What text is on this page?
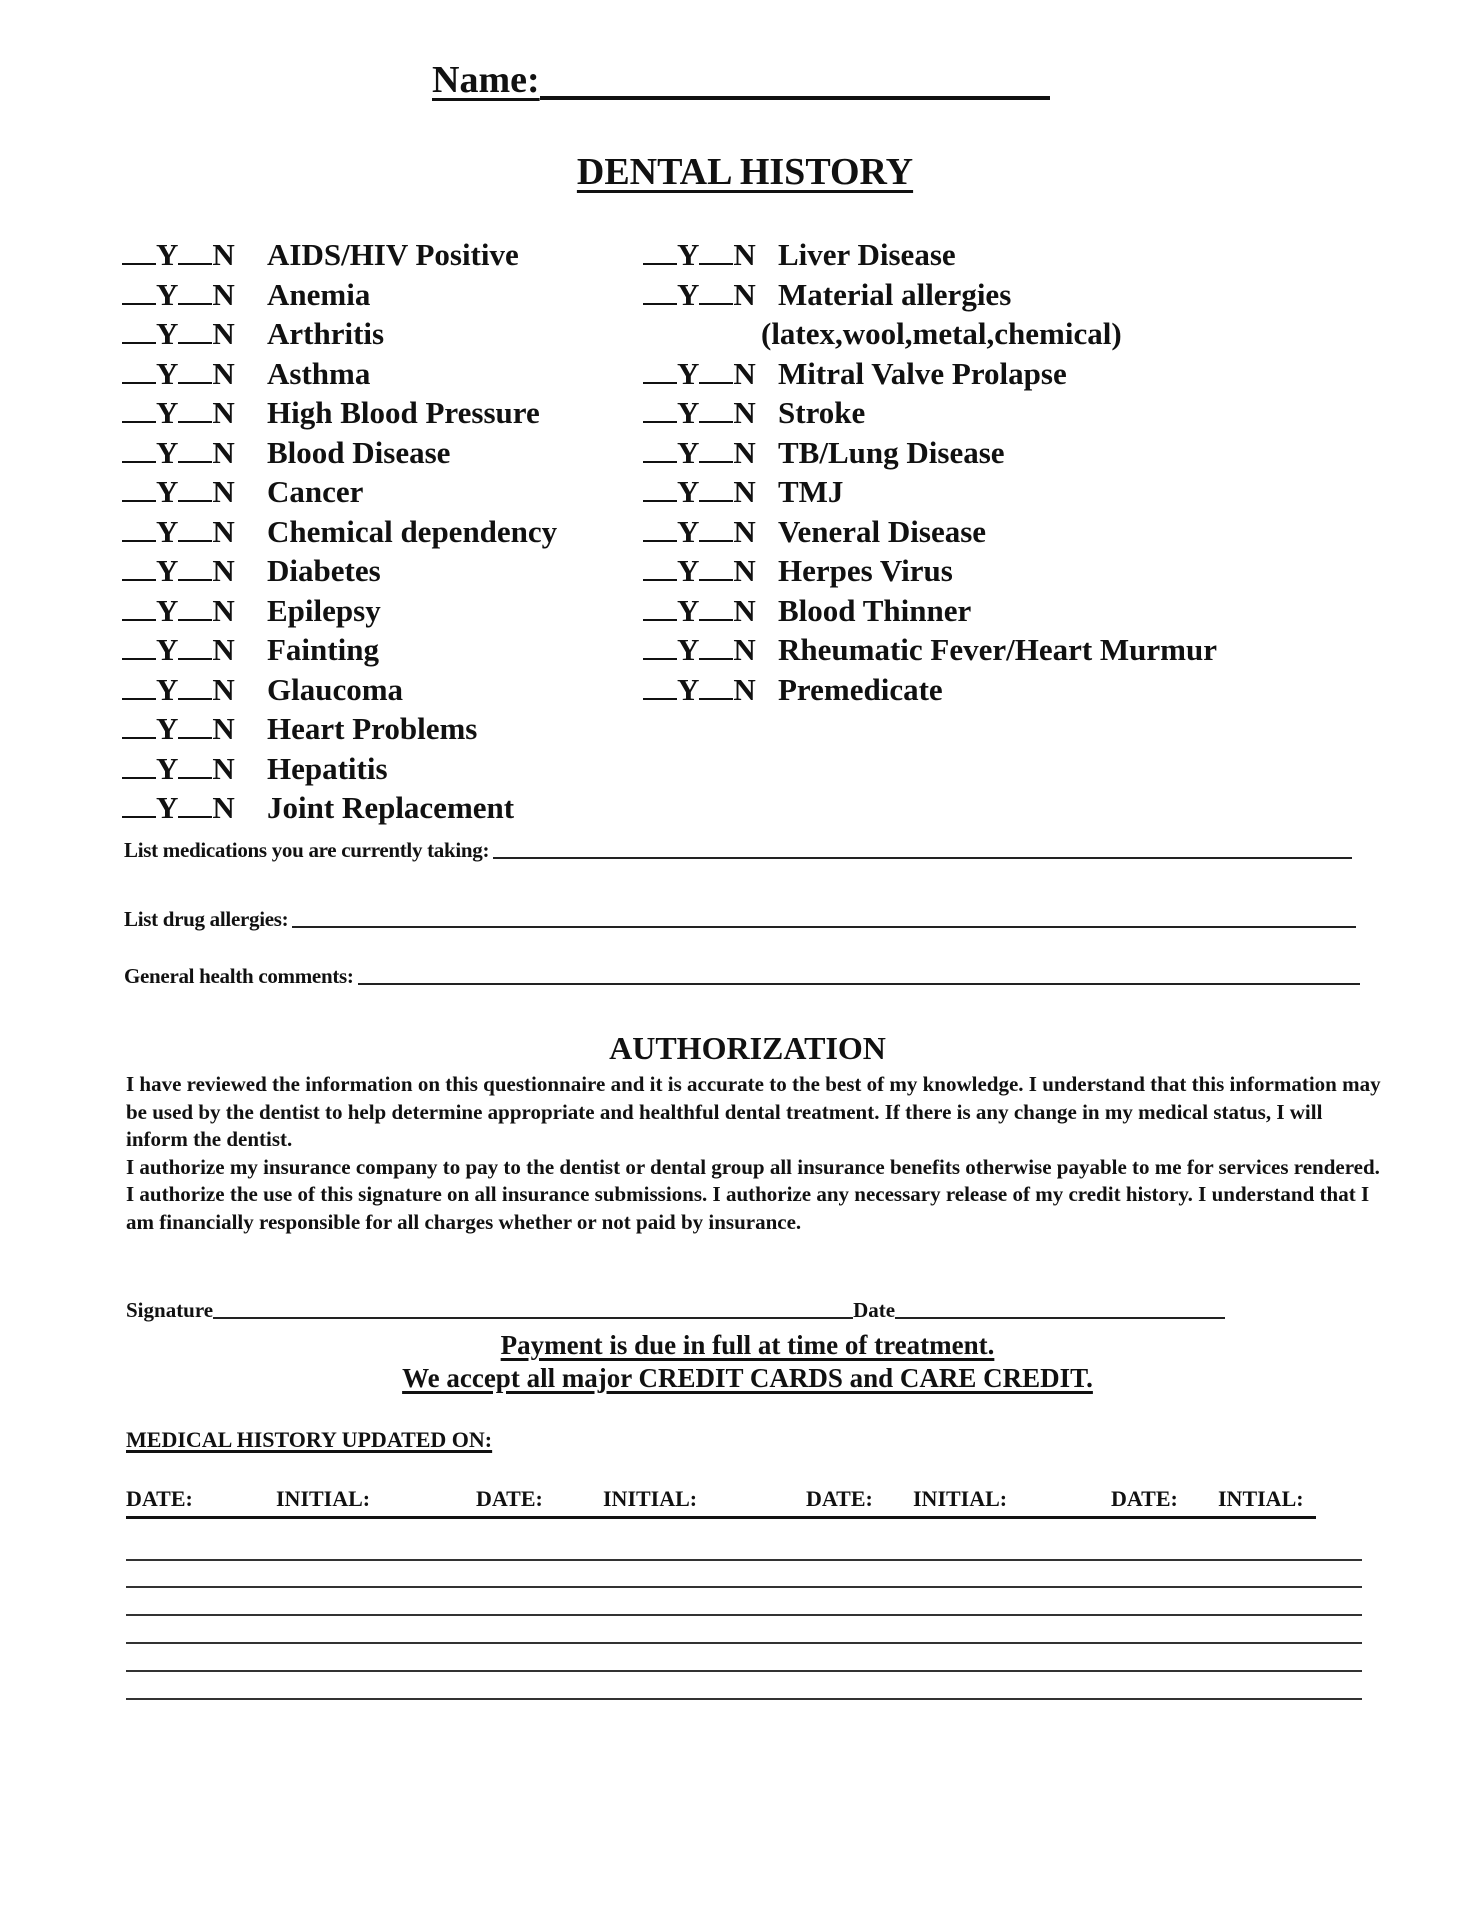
Name:
DENTAL HISTORY
Y N AIDS/HIV Positive
Y N Anemia
Y N Arthritis
Y N Asthma
Y N High Blood Pressure
Y N Blood Disease
Y N Cancer
Y N Chemical dependency
Y N Diabetes
Y N Epilepsy
Y N Fainting
Y N Glaucoma
Y N Heart Problems
Y N Hepatitis
Y N Joint Replacement
Y N Liver Disease
Y N Material allergies
(latex,wool,metal,chemical)
Y N Mitral Valve Prolapse
Y N Stroke
Y N TB/Lung Disease
Y N TMJ
Y N Veneral Disease
Y N Herpes Virus
Y N Blood Thinner
Y N Rheumatic Fever/Heart Murmur
Y N Premedicate
List medications you are currently taking:
List drug allergies:
General health comments:
AUTHORIZATION

I have reviewed the information on this questionnaire and it is accurate to the best of my knowledge. I understand that this information may be used by the dentist to help determine appropriate and healthful dental treatment. If there is any change in my medical status, I will inform the dentist.

I authorize my insurance company to pay to the dentist or dental group all insurance benefits otherwise payable to me for services rendered.

I authorize the use of this signature on all insurance submissions. I authorize any necessary release of my credit history. I understand that I am financially responsible for all charges whether or not paid by insurance.

Signature	Date
Payment is due in full at time of treatment.
We accept all major CREDIT CARDS and CARE CREDIT.
MEDICAL HISTORY UPDATED ON:
DATE:	INITIAL:	DATE:	INITIAL:	DATE: INITIAL:	DATE: INTIAL:
